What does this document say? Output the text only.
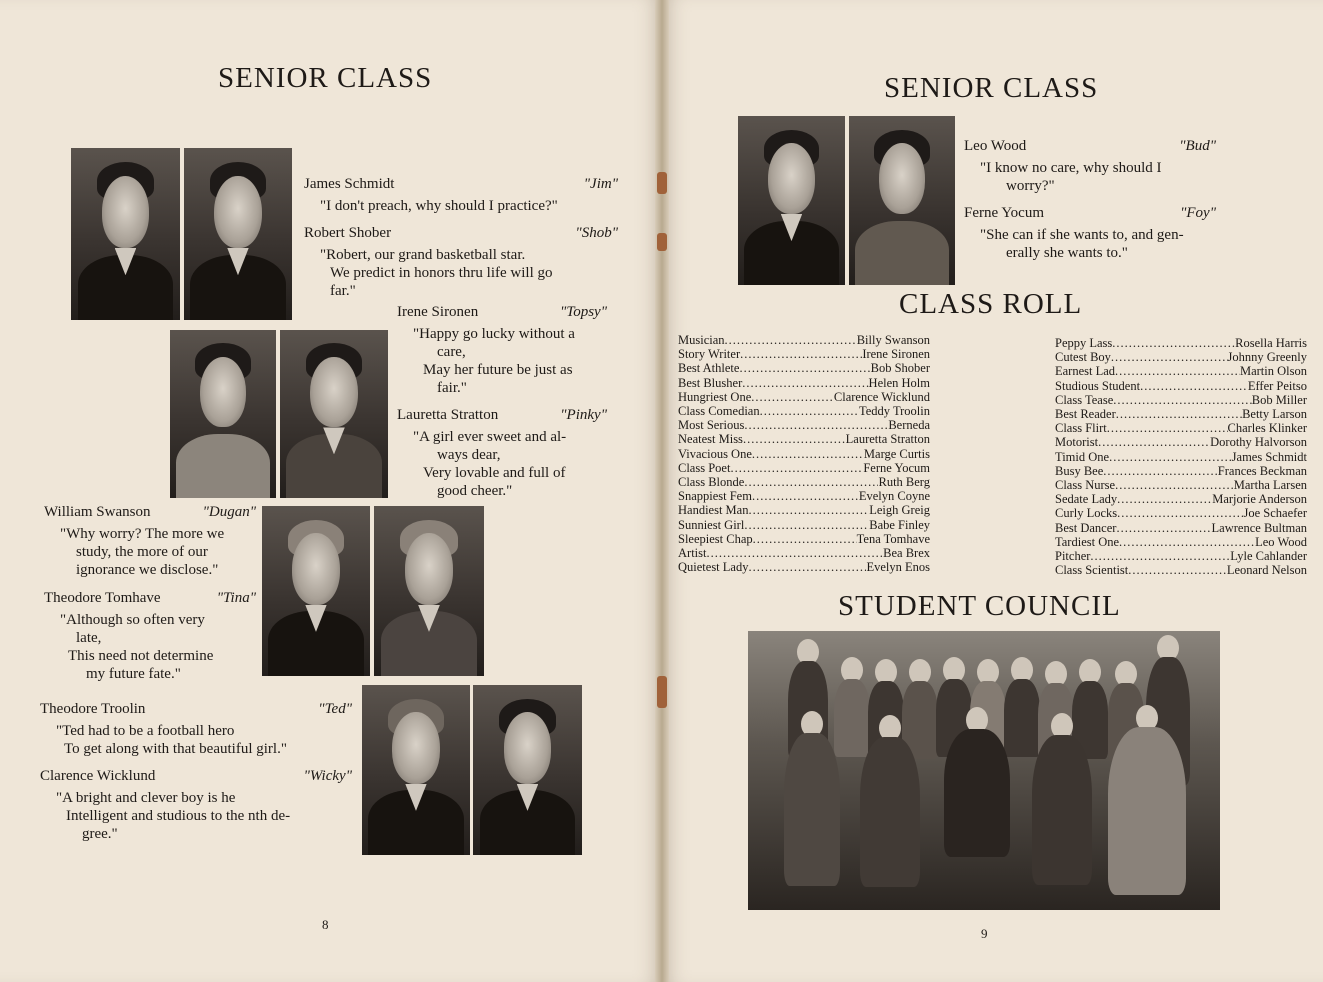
SENIOR CLASS
James Schmidt	"Jim"
"I don't preach, why should I practice?"
Robert Shober	"Shob"
"Robert, our grand basketball star.
We predict in honors thru life will go
far."
Irene Sironen	"Topsy"
"Happy go lucky without a
care,
May her future be just as
fair."
Lauretta Stratton	"Pinky"
"A girl ever sweet and al-
ways dear,
Very lovable and full of
good cheer."
William Swanson	"Dugan"
"Why worry? The more we
study, the more of our
ignorance we disclose."
Theodore Tomhave	"Tina"
"Although so often very
late,
This need not determine
my future fate."
Theodore Troolin	"Ted"
"Ted had to be a football hero
To get along with that beautiful girl."
Clarence Wicklund	"Wicky"
"A bright and clever boy is he
Intelligent and studious to the nth de-
gree."
8
SENIOR CLASS
Leo Wood	"Bud"
"I know no care, why should I
worry?"
Ferne Yocum	"Foy"
"She can if she wants to, and gen-
erally she wants to."
CLASS ROLL
Musician .....	Billy Swanson
Story Writer .....	Irene Sironen
Best Athlete .....	Bob Shober
Best Blusher .....	Helen Holm
Hungriest One .....	Clarence Wicklund
Class Comedian .....	Teddy Troolin
Most Serious .....	Berneda
Neatest Miss .....	Lauretta Stratton
Vivacious One .....	Marge Curtis
Class Poet .....	Ferne Yocum
Class Blonde .....	Ruth Berg
Snappiest Fem .....	Evelyn Coyne
Handiest Man .....	Leigh Greig
Sunniest Girl .....	Babe Finley
Sleepiest Chap .....	Tena Tomhave
Artist .....	Bea Brex
Quietest Lady .....	Evelyn Enos
Peppy Lass .....	Rosella Harris
Cutest Boy .....	Johnny Greenly
Earnest Lad .....	Martin Olson
Studious Student .....	Effer Peitso
Class Tease .....	Bob Miller
Best Reader .....	Betty Larson
Class Flirt .....	Charles Klinker
Motorist .....	Dorothy Halvorson
Timid One .....	James Schmidt
Busy Bee .....	Frances Beckman
Class Nurse .....	Martha Larsen
Sedate Lady .....	Marjorie Anderson
Curly Locks .....	Joe Schaefer
Best Dancer .....	Lawrence Bultman
Tardiest One .....	Leo Wood
Pitcher .....	Lyle Cahlander
Class Scientist .....	Leonard Nelson
STUDENT COUNCIL
9
